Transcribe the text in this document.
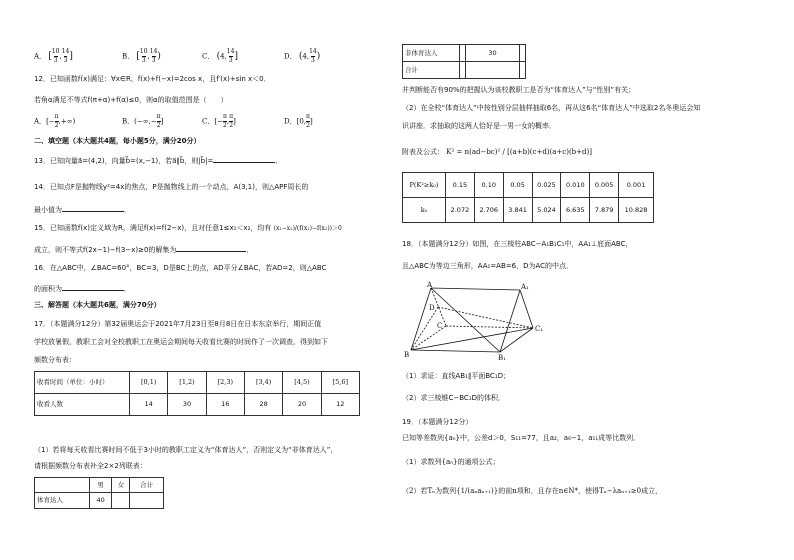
A． [ $\frac{10}{3}$ , $\frac{14}{3}$ ]	B． [ $\frac{10}{3}$ , $\frac{14}{3}$ )	C． (4, $\frac{14}{3}$ ]	D． (4, $\frac{14}{3}$ )
12．已知函数f(x)满足：∀x∈R，f(x)+f(−x)=2cos x，且f′(x)+sin x＜0．
若角α满足不等式f(π+α)+f(α)≤0，则α的取值范围是（　　）
A．[− $\frac{\pi}{2}$ ,+∞)	B．(−∞,− $\frac{\pi}{2}$ ]	C．[− $\frac{\pi}{2}$ , $\frac{\pi}{2}$ ]	D．[0, $\frac{\pi}{2}$ ]
二、填空题（本大题共4题，每小题5分，满分20分）
13．已知向量a⃗=(4,2)，向量b⃗=(x,−1)，若a⃗∥b⃗，则|b⃗|=	．
14．已知点F是抛物线y²=4x的焦点，P是抛物线上的一个动点，A(3,1)，则△APF周长的
最小值为	．
15．已知函数f(x)定义域为R，满足f(x)=f(2−x)，且对任意1≤x₁＜x₂，均有 (x₁−x₂)/(f(x₁)−f(x₂))＞0
成立，则不等式f(2x−1)−f(3−x)≥0的解集为	．
16．在△ABC中，∠BAC=60°，BC=3，D是BC上的点，AD平分∠BAC，若AD=2，则△ABC
的面积为	．
三、解答题（本大题共6题，满分70分）
17．（本题满分12分）第32届奥运会于2021年7月23日至8月8日在日本东京举行，期间正值
学校放暑假，教职工会对全校教职工在奥运会期间每天收看比赛的时间作了一次调查，得到如下
频数分布表：
收看时间（单位：小时）	[0,1)	[1,2)	[2,3)	[3,4)	[4,5)	[5,6]
收看人数	14	30	16	28	20	12
（1）若将每天收看比赛时间不低于3小时的教职工定义为“体育达人”，否则定义为“非体育达人”，
请根据频数分布表补全2×2列联表：
	男	女	合计
体育达人	40		
非体育达人		30	
合计			
并判断能否有90%的把握认为该校教职工是否为“体育达人”与“性别”有关；
（2）在全校“体育达人”中按性别分层抽样抽取6名，再从这6名“体育达人”中选取2名冬奥运会知
识讲座．求抽取的这两人恰好是一男一女的概率．
附表及公式： K² = n(ad−bc)² / [(a+b)(c+d)(a+c)(b+d)]
P(K²≥k₀)	0.15	0.10	0.05	0.025	0.010	0.005	0.001
k₀	2.072	2.706	3.841	5.024	6.635	7.879	10.828
18．（本题满分12分）如图，在三棱柱ABC−A₁B₁C₁中，AA₁⊥底面ABC，
且△ABC为等边三角形，AA₁=AB=6，D为AC的中点．
A	A₁
D
C	C₁
B	B₁
（1）求证：直线AB₁∥平面BC₁D；
（2）求三棱锥C−BC₁D的体积．
19．（本题满分12分）
已知等差数列{aₙ}中，公差d＞0，S₁₁=77，且a₂，a₆−1，a₁₁成等比数列．
（1）求数列{aₙ}的通项公式；
（2）若Tₙ为数列{1/(aₙaₙ₊₁)}的前n项和，且存在n∈N*，使得Tₙ−λaₙ₊₁≥0成立，
